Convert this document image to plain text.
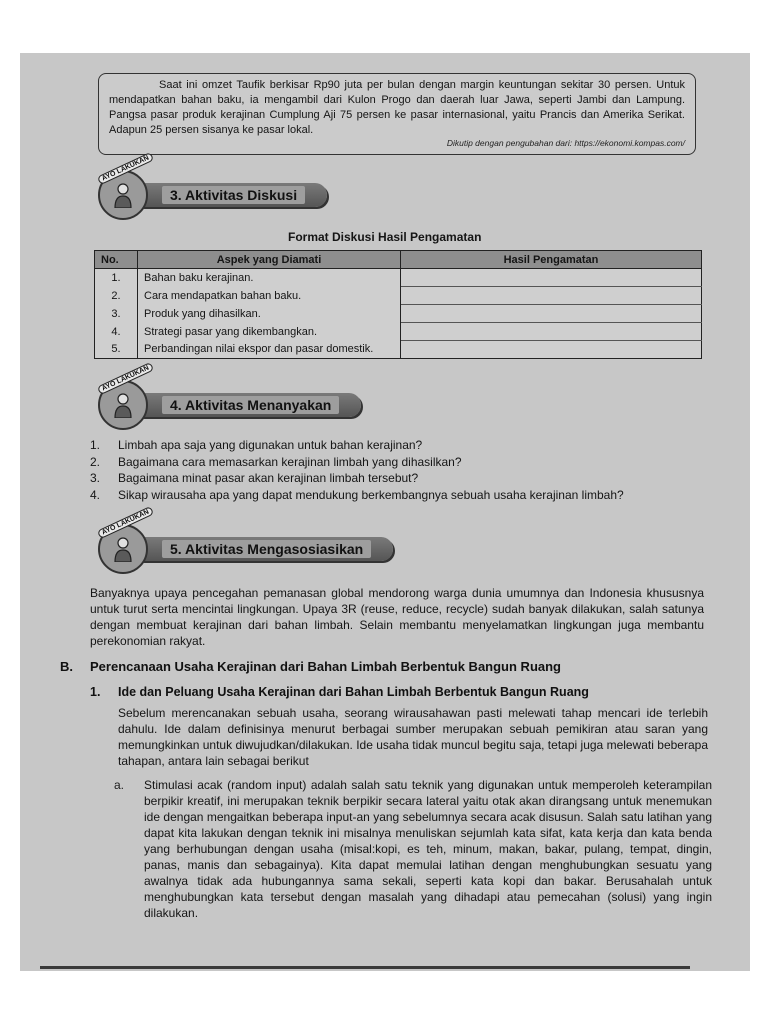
Saat ini omzet Taufik berkisar Rp90 juta per bulan dengan margin keuntungan sekitar 30 persen. Untuk mendapatkan bahan baku, ia mengambil dari Kulon Progo dan daerah luar Jawa, seperti Jambi dan Lampung. Pangsa pasar produk kerajinan Cumplung Aji 75 persen ke pasar internasional, yaitu Prancis dan Amerika Serikat. Adapun 25 persen sisanya ke pasar lokal.

Dikutip dengan pengubahan dari: https://ekonomi.kompas.com/
AYO LAKUKAN
3. Aktivitas Diskusi
Format Diskusi Hasil Pengamatan
No.	Aspek yang Diamati	Hasil Pengamatan
1.	Bahan baku kerajinan.	
2.	Cara mendapatkan bahan baku.	
3.	Produk yang dihasilkan.	
4.	Strategi pasar yang dikembangkan.	
5.	Perbandingan nilai ekspor dan pasar domestik.	
AYO LAKUKAN
4. Aktivitas Menanyakan
1.	Limbah apa saja yang digunakan untuk bahan kerajinan?
2.	Bagaimana cara memasarkan kerajinan limbah yang dihasilkan?
3.	Bagaimana minat pasar akan kerajinan limbah tersebut?
4.	Sikap wirausaha apa yang dapat mendukung berkembangnya sebuah usaha kerajinan limbah?
AYO LAKUKAN
5. Aktivitas Mengasosiasikan

Banyaknya upaya pencegahan pemanasan global mendorong warga dunia umumnya dan Indonesia khususnya untuk turut serta mencintai lingkungan. Upaya 3R (reuse, reduce, recycle) sudah banyak dilakukan, salah satunya dengan membuat kerajinan dari bahan limbah. Selain membantu menyelamatkan lingkungan juga membantu perekonomian rakyat.

B.	Perencanaan Usaha Kerajinan dari Bahan Limbah Berbentuk Bangun Ruang
1.	Ide dan Peluang Usaha Kerajinan dari Bahan Limbah Berbentuk Bangun Ruang

Sebelum merencanakan sebuah usaha, seorang wirausahawan pasti melewati tahap mencari ide terlebih dahulu. Ide dalam definisinya menurut berbagai sumber merupakan sebuah pemikiran atau saran yang memungkinkan untuk diwujudkan/dilakukan. Ide usaha tidak muncul begitu saja, tetapi juga melewati beberapa tahapan, antara lain sebagai berikut

a.	Stimulasi acak (random input) adalah salah satu teknik yang digunakan untuk memperoleh keterampilan berpikir kreatif, ini merupakan teknik berpikir secara lateral yaitu otak akan dirangsang untuk menemukan ide dengan mengaitkan beberapa input-an yang sebelumnya secara acak disusun. Salah satu latihan yang dapat kita lakukan dengan teknik ini misalnya menuliskan sejumlah kata sifat, kata kerja dan kata benda yang berhubungan dengan usaha (misal:kopi, es teh, minum, makan, bakar, pulang, tempat, dingin, panas, manis dan sebagainya). Kita dapat memulai latihan dengan menghubungkan sesuatu yang awalnya tidak ada hubungannya sama sekali, seperti kata kopi dan bakar. Berusahalah untuk menghubungkan kata tersebut dengan masalah yang dihadapi atau pemecahan (solusi) yang ingin dilakukan.
